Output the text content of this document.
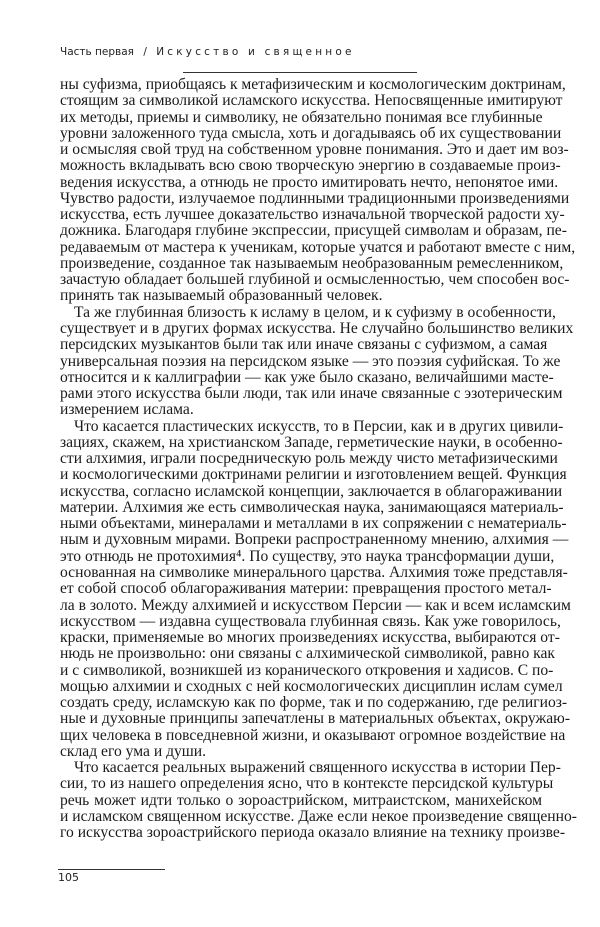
Часть первая / Искусство и священное
ны суфизма, приобщаясь к метафизическим и космологическим доктринам,
стоящим за символикой исламского искусства. Непосвященные имитируют
их методы, приемы и символику, не обязательно понимая все глубинные
уровни заложенного туда смысла, хоть и догадываясь об их существовании
и осмысляя свой труд на собственном уровне понимания. Это и дает им воз-
можность вкладывать всю свою творческую энергию в создаваемые произ-
ведения искусства, а отнюдь не просто имитировать нечто, непонятое ими.
Чувство радости, излучаемое подлинными традиционными произведениями
искусства, есть лучшее доказательство изначальной творческой радости ху-
дожника. Благодаря глубине экспрессии, присущей символам и образам, пе-
редаваемым от мастера к ученикам, которые учатся и работают вместе с ним,
произведение, созданное так называемым необразованным ремесленником,
зачастую обладает большей глубиной и осмысленностью, чем способен вос-
принять так называемый образованный человек.
Та же глубинная близость к исламу в целом, и к суфизму в особенности,
существует и в других формах искусства. Не случайно большинство великих
персидских музыкантов были так или иначе связаны с суфизмом, а самая
универсальная поэзия на персидском языке — это поэзия суфийская. То же
относится и к каллиграфии — как уже было сказано, величайшими масте-
рами этого искусства были люди, так или иначе связанные с эзотерическим
измерением ислама.
Что касается пластических искусств, то в Персии, как и в других цивили-
зациях, скажем, на христианском Западе, герметические науки, в особенно-
сти алхимия, играли посредническую роль между чисто метафизическими
и космологическими доктринами религии и изготовлением вещей. Функция
искусства, согласно исламской концепции, заключается в облагораживании
материи. Алхимия же есть символическая наука, занимающаяся материаль-
ными объектами, минералами и металлами в их сопряжении с нематериаль-
ным и духовным мирами. Вопреки распространенному мнению, алхимия —
это отнюдь не протохимия⁴. По существу, это наука трансформации души,
основанная на символике минерального царства. Алхимия тоже представля-
ет собой способ облагораживания материи: превращения простого метал-
ла в золото. Между алхимией и искусством Персии — как и всем исламским
искусством — издавна существовала глубинная связь. Как уже говорилось,
краски, применяемые во многих произведениях искусства, выбираются от-
нюдь не произвольно: они связаны с алхимической символикой, равно как
и с символикой, возникшей из коранического откровения и хадисов. С по-
мощью алхимии и сходных с ней космологических дисциплин ислам сумел
создать среду, исламскую как по форме, так и по содержанию, где религиоз-
ные и духовные принципы запечатлены в материальных объектах, окружаю-
щих человека в повседневной жизни, и оказывают огромное воздействие на
склад его ума и души.
Что касается реальных выражений священного искусства в истории Пер-
сии, то из нашего определения ясно, что в контексте персидской культуры
речь может идти только о зороастрийском, митраистском, манихейском
и исламском священном искусстве. Даже если некое произведение священно-
го искусства зороастрийского периода оказало влияние на технику произве-
105
